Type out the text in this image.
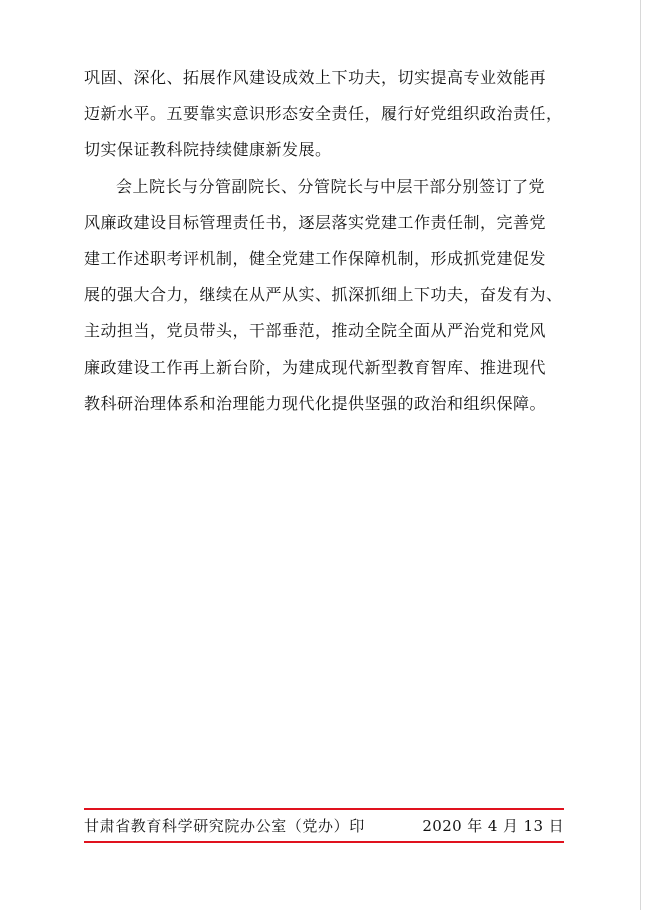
巩固、深化、拓展作风建设成效上下功夫，切实提高专业效能再
迈新水平。五要靠实意识形态安全责任，履行好党组织政治责任，
切实保证教科院持续健康新发展。
会上院长与分管副院长、分管院长与中层干部分别签订了党
风廉政建设目标管理责任书，逐层落实党建工作责任制，完善党
建工作述职考评机制，健全党建工作保障机制，形成抓党建促发
展的强大合力，继续在从严从实、抓深抓细上下功夫，奋发有为、
主动担当，党员带头，干部垂范，推动全院全面从严治党和党风
廉政建设工作再上新台阶，为建成现代新型教育智库、推进现代
教科研治理体系和治理能力现代化提供坚强的政治和组织保障。
甘肃省教育科学研究院办公室（党办）印	2020 年 4 月 13 日
